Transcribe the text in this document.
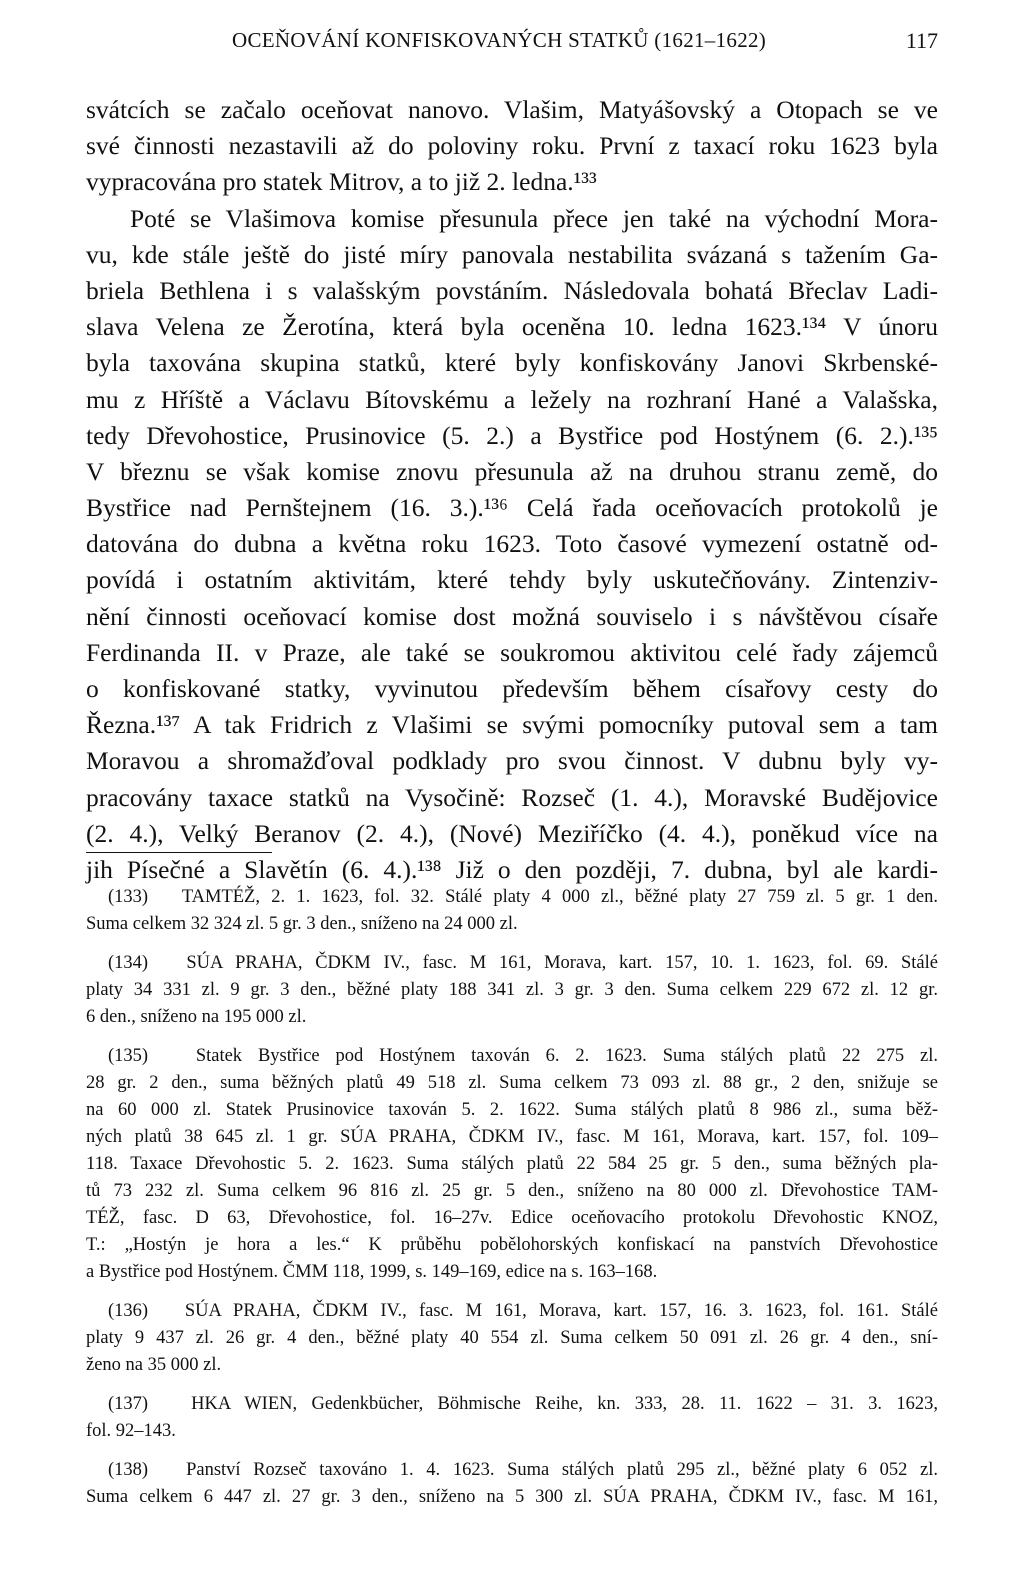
OCEŇOVÁNÍ KONFISKOVANÝCH STATKŮ (1621–1622)	117
svátcích se začalo oceňovat nanovo. Vlašim, Matyášovský a Otopach se ve
své činnosti nezastavili až do poloviny roku. První z taxací roku 1623 byla
vypracována pro statek Mitrov, a to již 2. ledna.¹³³
Poté se Vlašimova komise přesunula přece jen také na východní Mora-
vu, kde stále ještě do jisté míry panovala nestabilita svázaná s tažením Ga-
briela Bethlena i s valašským povstáním. Následovala bohatá Břeclav Ladi-
slava Velena ze Žerotína, která byla oceněna 10. ledna 1623.¹³⁴ V únoru
byla taxována skupina statků, které byly konfiskovány Janovi Skrbenské-
mu z Hříště a Václavu Bítovskému a ležely na rozhraní Hané a Valašska,
tedy Dřevohostice, Prusinovice (5. 2.) a Bystřice pod Hostýnem (6. 2.).¹³⁵
V březnu se však komise znovu přesunula až na druhou stranu země, do
Bystřice nad Pernštejnem (16. 3.).¹³⁶ Celá řada oceňovacích protokolů je
datována do dubna a května roku 1623. Toto časové vymezení ostatně od-
povídá i ostatním aktivitám, které tehdy byly uskutečňovány. Zintenziv-
nění činnosti oceňovací komise dost možná souviselo i s návštěvou císaře
Ferdinanda II. v Praze, ale také se soukromou aktivitou celé řady zájemců
o konfiskované statky, vyvinutou především během císařovy cesty do
Řezna.¹³⁷ A tak Fridrich z Vlašimi se svými pomocníky putoval sem a tam
Moravou a shromažďoval podklady pro svou činnost. V dubnu byly vy-
pracovány taxace statků na Vysočině: Rozseč (1. 4.), Moravské Budějovice
(2. 4.), Velký Beranov (2. 4.), (Nové) Meziříčko (4. 4.), poněkud více na
jih Písečné a Slavětín (6. 4.).¹³⁸ Již o den později, 7. dubna, byl ale kardi-
(133) TAMTÉŽ, 2. 1. 1623, fol. 32. Stálé platy 4 000 zl., běžné platy 27 759 zl. 5 gr. 1 den.
Suma celkem 32 324 zl. 5 gr. 3 den., sníženo na 24 000 zl.
(134) SÚA PRAHA, ČDKM IV., fasc. M 161, Morava, kart. 157, 10. 1. 1623, fol. 69. Stálé
platy 34 331 zl. 9 gr. 3 den., běžné platy 188 341 zl. 3 gr. 3 den. Suma celkem 229 672 zl. 12 gr.
6 den., sníženo na 195 000 zl.
(135)	Statek Bystřice pod Hostýnem taxován 6. 2. 1623. Suma stálých platů 22 275 zl.
28 gr. 2 den., suma běžných platů 49 518 zl. Suma celkem 73 093 zl. 88 gr., 2 den, snižuje se
na 60 000 zl. Statek Prusinovice taxován 5. 2. 1622. Suma stálých platů 8 986 zl., suma běž-
ných platů 38 645 zl. 1 gr. SÚA PRAHA, ČDKM IV., fasc. M 161, Morava, kart. 157, fol. 109–
118. Taxace Dřevohostic 5. 2. 1623. Suma stálých platů 22 584 25 gr. 5 den., suma běžných pla-
tů 73 232 zl. Suma celkem 96 816 zl. 25 gr. 5 den., sníženo na 80 000 zl. Dřevohostice TAM-
TÉŽ, fasc. D 63, Dřevohostice, fol. 16–27v. Edice oceňovacího protokolu Dřevohostic KNOZ,
T.: „Hostýn je hora a les.“ K průběhu pobělohorských konfiskací na panstvích Dřevohostice
a Bystřice pod Hostýnem. ČMM 118, 1999, s. 149–169, edice na s. 163–168.
(136) SÚA PRAHA, ČDKM IV., fasc. M 161, Morava, kart. 157, 16. 3. 1623, fol. 161. Stálé
platy 9 437 zl. 26 gr. 4 den., běžné platy 40 554 zl. Suma celkem 50 091 zl. 26 gr. 4 den., sní-
ženo na 35 000 zl.
(137) HKA WIEN, Gedenkbücher, Böhmische Reihe, kn. 333, 28. 11. 1622 – 31. 3. 1623,
fol. 92–143.
(138) Panství Rozseč taxováno 1. 4. 1623. Suma stálých platů 295 zl., běžné platy 6 052 zl.
Suma celkem 6 447 zl. 27 gr. 3 den., sníženo na 5 300 zl. SÚA PRAHA, ČDKM IV., fasc. M 161,
